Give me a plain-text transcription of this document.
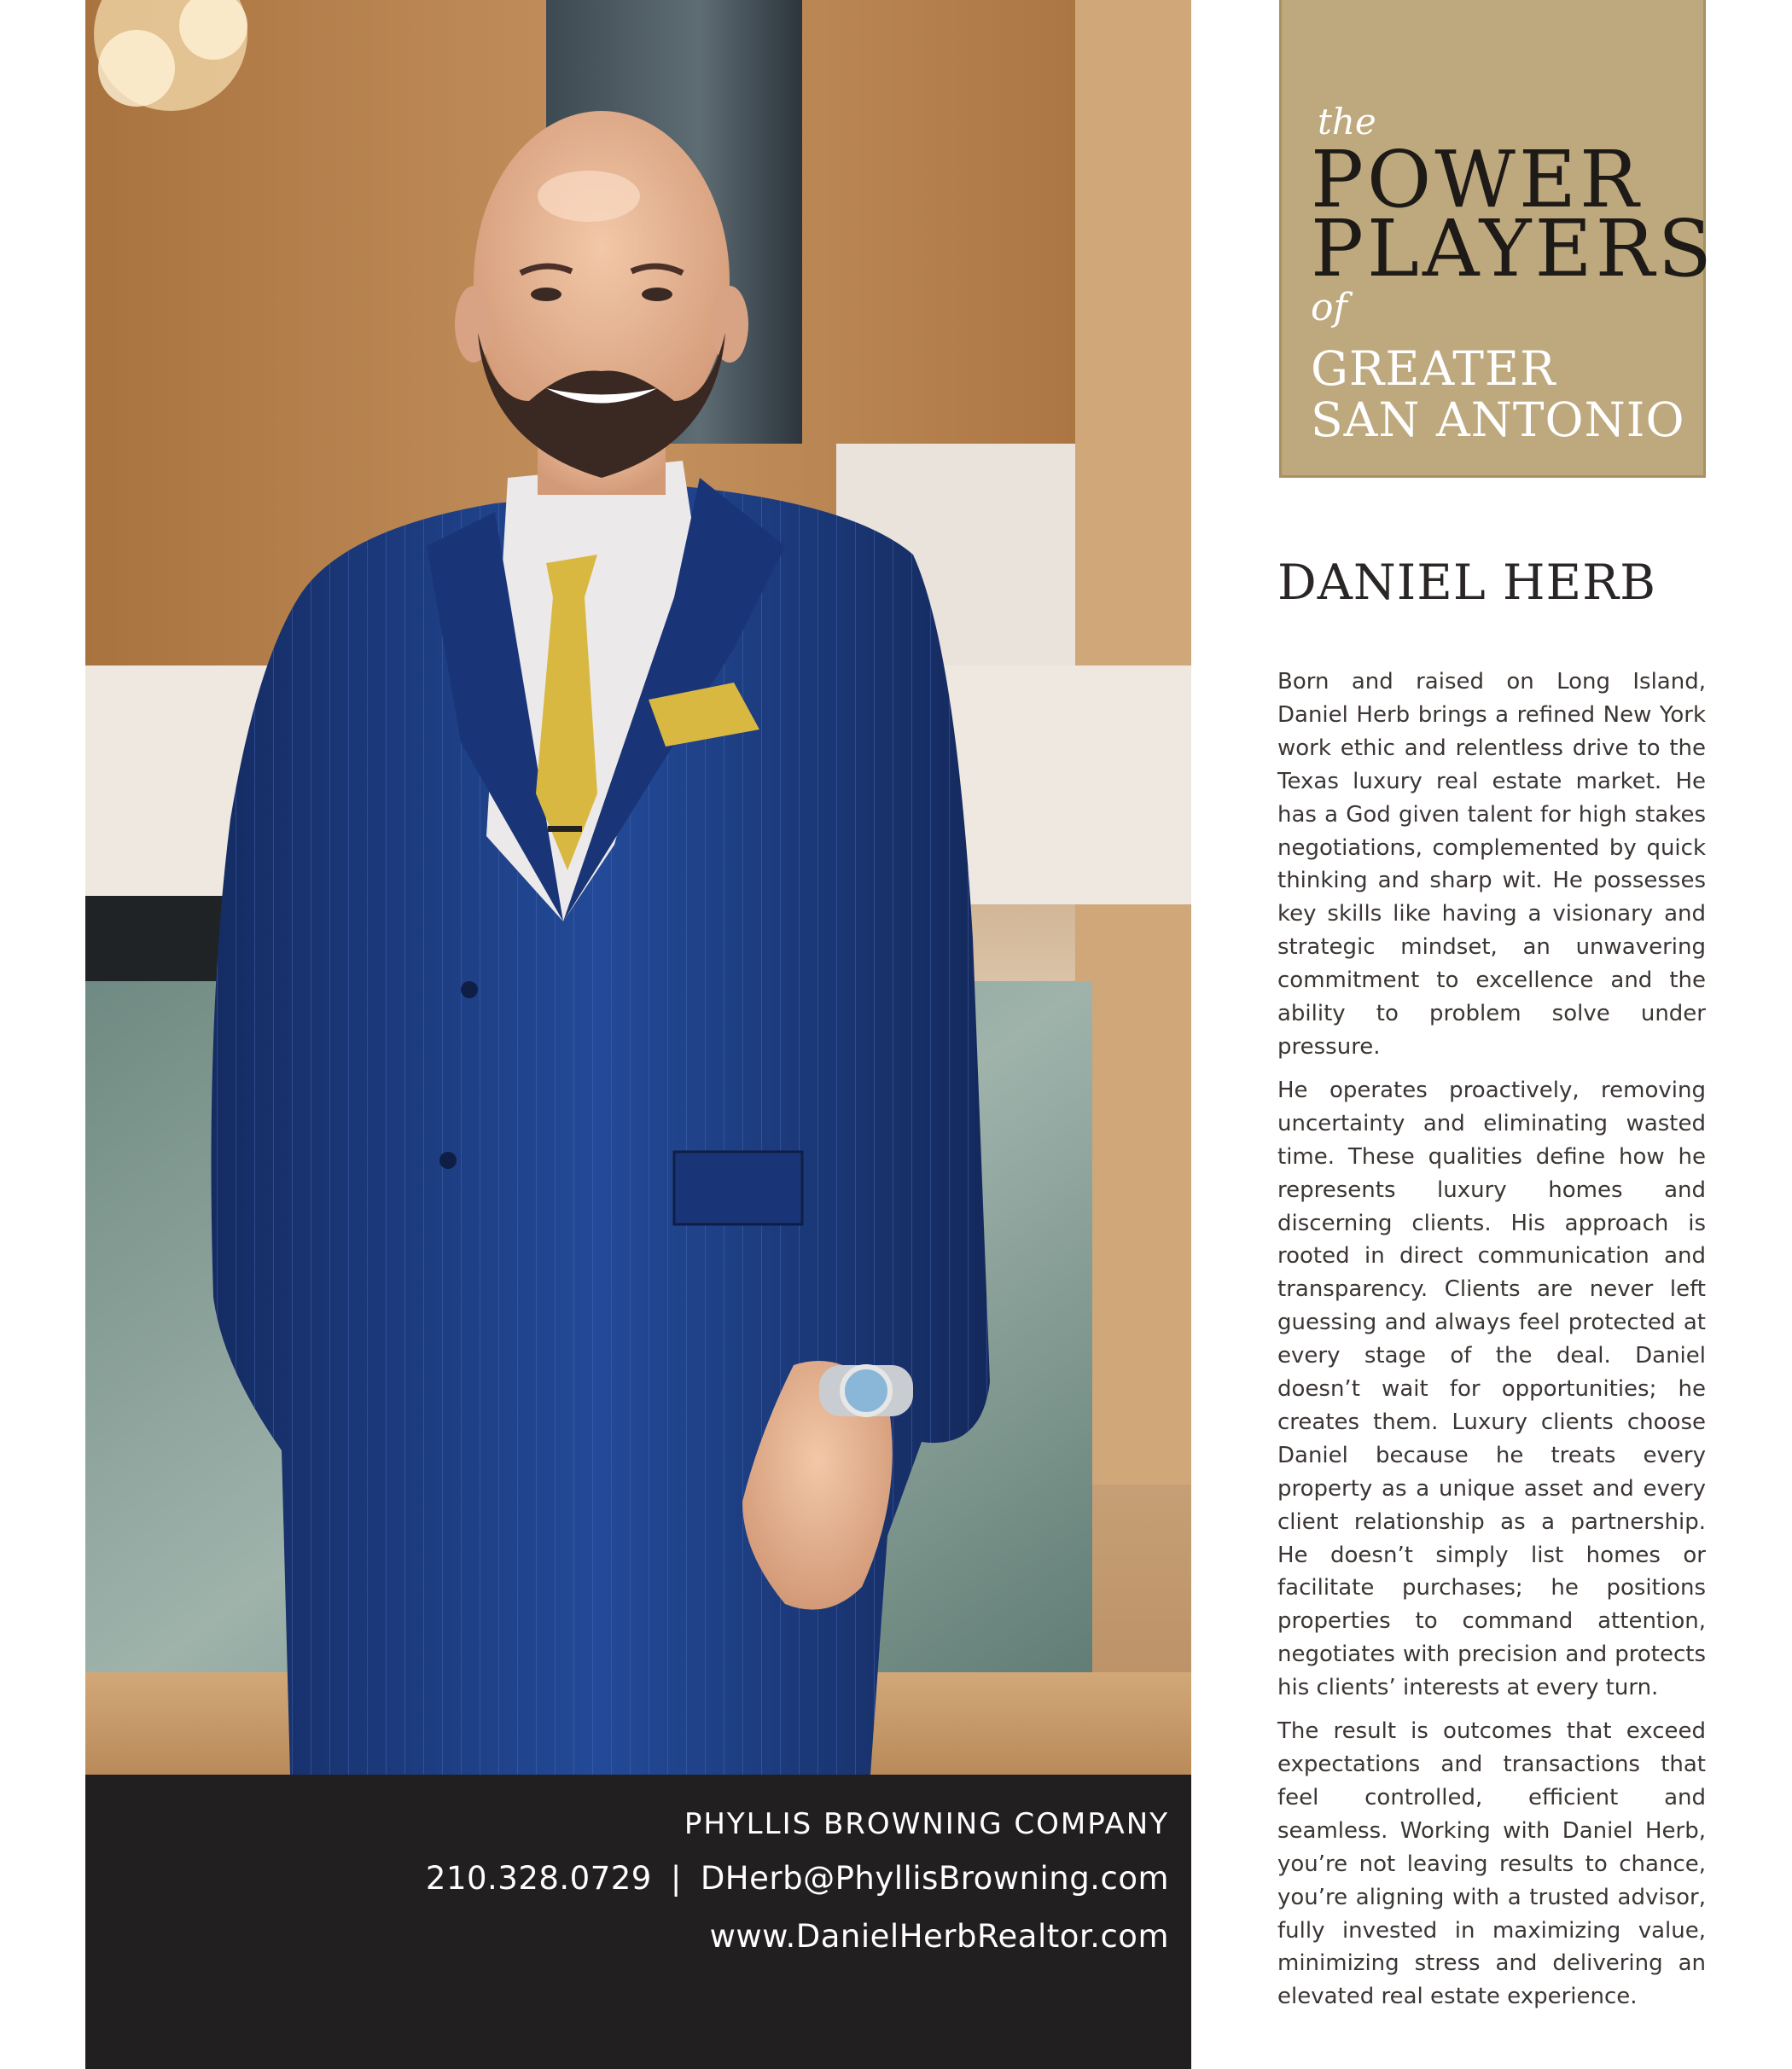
PHYLLIS BROWNING COMPANY
210.328.0729 | DHerb@PhyllisBrowning.com
www.DanielHerbRealtor.com
the
POWER
PLAYERS
of
GREATER
SAN ANTONIO
DANIEL HERB

Born and raised on Long Island, Daniel Herb brings a refined New York work ethic and relentless drive to the Texas luxury real estate market. He has a God given talent for high stakes negotiations, complemented by quick thinking and sharp wit. He possesses key skills like having a visionary and strategic mindset, an unwavering commitment to excellence and the ability to problem solve under pressure.

He operates proactively, removing uncertainty and eliminating wasted time. These qualities define how he represents luxury homes and discerning clients. His approach is rooted in direct communication and transparency. Clients are never left guessing and always feel protected at every stage of the deal. Daniel doesn’t wait for opportunities; he creates them. Luxury clients choose Daniel because he treats every property as a unique asset and every client relationship as a partnership. He doesn’t simply list homes or facilitate purchases; he positions properties to command attention, negotiates with precision and protects his clients’ interests at every turn.

The result is outcomes that exceed expectations and transactions that feel controlled, efficient and seamless. Working with Daniel Herb, you’re not leaving results to chance, you’re aligning with a trusted advisor, fully invested in maximizing value, minimizing stress and delivering an elevated real estate experience.
